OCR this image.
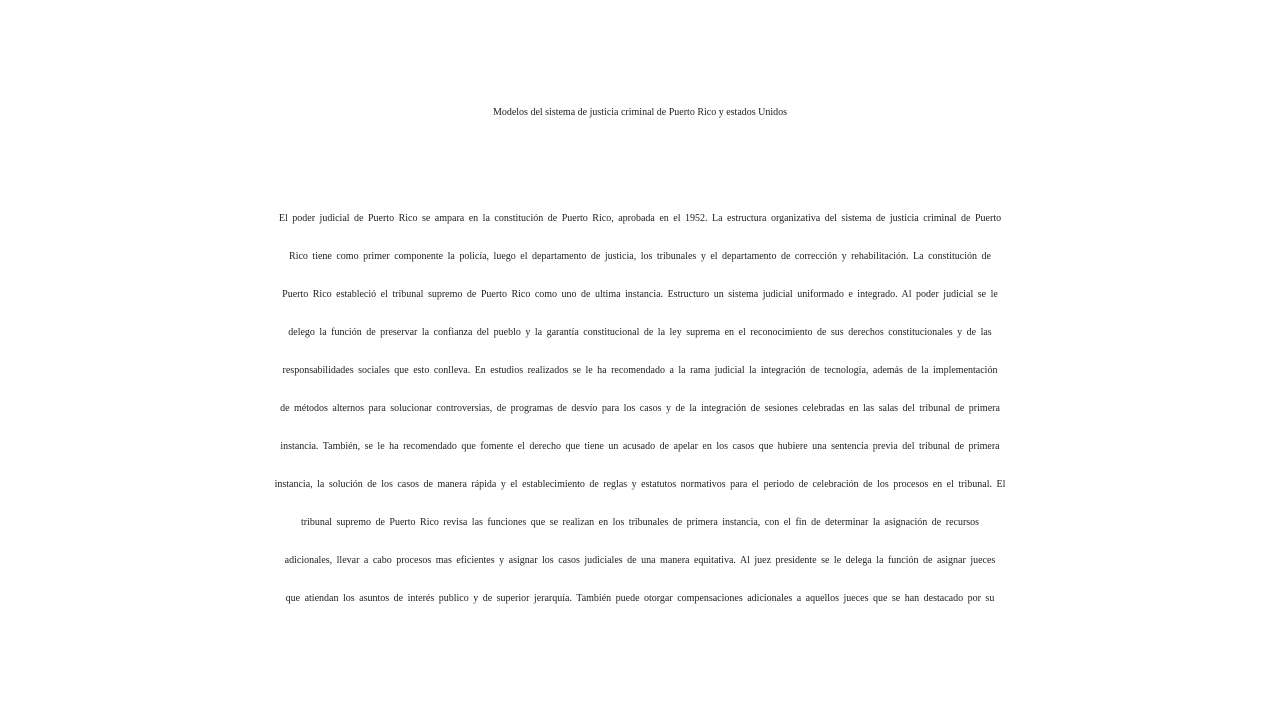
Modelos del sistema de justicia criminal de Puerto Rico y estados Unidos
El poder judicial de Puerto Rico se ampara en la constitución de Puerto Rico, aprobada en el 1952. La estructura organizativa del sistema de justicia criminal de Puerto
Rico tiene como primer componente la policía, luego el departamento de justicia, los tribunales y el departamento de corrección y rehabilitación. La constitución de
Puerto Rico estableció el tribunal supremo de Puerto Rico como uno de ultima instancia. Estructuro un sistema judicial uniformado e integrado. Al poder judicial se le
delego la función de preservar la confianza del pueblo y la garantía constitucional de la ley suprema en el reconocimiento de sus derechos constitucionales y de las
responsabilidades sociales que esto conlleva. En estudios realizados se le ha recomendado a la rama judicial la integración de tecnología, además de la implementación
de métodos alternos para solucionar controversias, de programas de desvío para los casos y de la integración de sesiones celebradas en las salas del tribunal de primera
instancia. También, se le ha recomendado que fomente el derecho que tiene un acusado de apelar en los casos que hubiere una sentencia previa del tribunal de primera
instancia, la solución de los casos de manera rápida y el establecimiento de reglas y estatutos normativos para el periodo de celebración de los procesos en el tribunal. El
tribunal supremo de Puerto Rico revisa las funciones que se realizan en los tribunales de primera instancia, con el fin de determinar la asignación de recursos
adicionales, llevar a cabo procesos mas eficientes y asignar los casos judiciales de una manera equitativa. Al juez presidente se le delega la función de asignar jueces
que atiendan los asuntos de interés publico y de superior jerarquía. También puede otorgar compensaciones adicionales a aquellos jueces que se han destacado por su
